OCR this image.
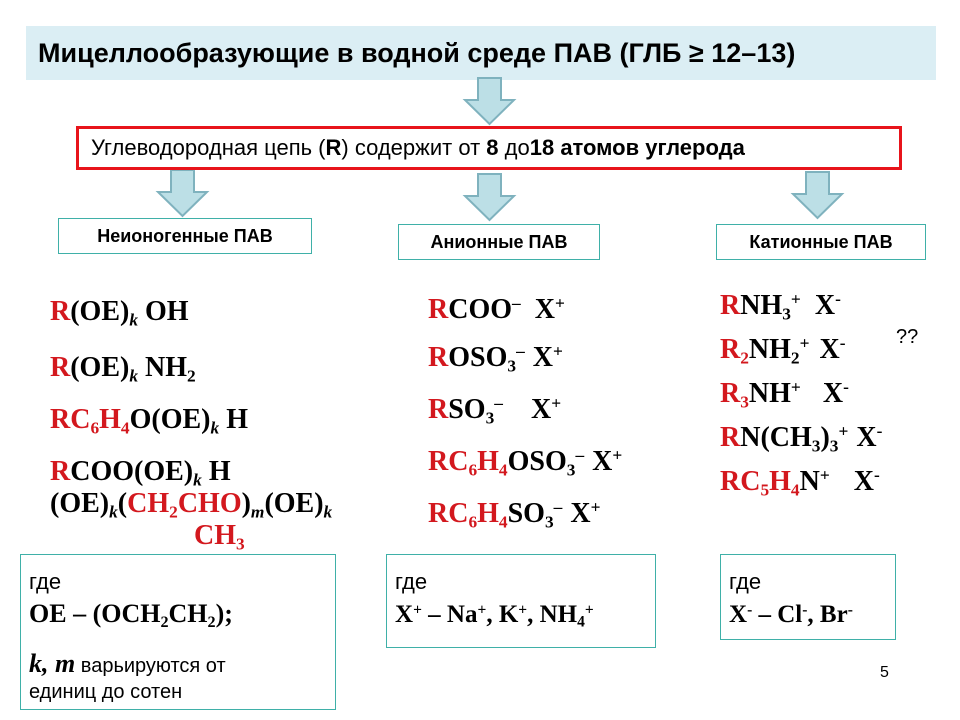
Мицеллообразующие в водной среде ПАВ (ГЛБ ≥ 12–13)
Углеводородная цепь (R) содержит от 8 до18 атомов углерода
Неионогенные ПАВ	Анионные ПАВ	Катионные ПАВ
$R(OE)_k$ OH
$R(OE)_k$ $NH_2$
$RC_6H_4O(OE)_k$ H
$RCOO(OE)_k$ H
$(OE)_k(CH_2CHO)_m(OE)_k$
$CH_3$
RCOO– X+
$ROSO_3^-$ X+
$RSO_3^-$ X+
$RC_6H_4OSO_3^-$ X+
$RC_6H_4SO_3^-$ X+
$RNH_3^+$ X-
$R_2NH_2^+$ X-
$R_3NH^+$ X-
$RN(CH_3)_3^+$ X-
$RC_5H_4N^+$ X-
??
где
OE – $(OCH_2CH_2)$;
k, m варьируются от
единиц до сотен
где
X+ – Na+, K+, $NH_4^+$
где
X- – Cl-, Br-
5
